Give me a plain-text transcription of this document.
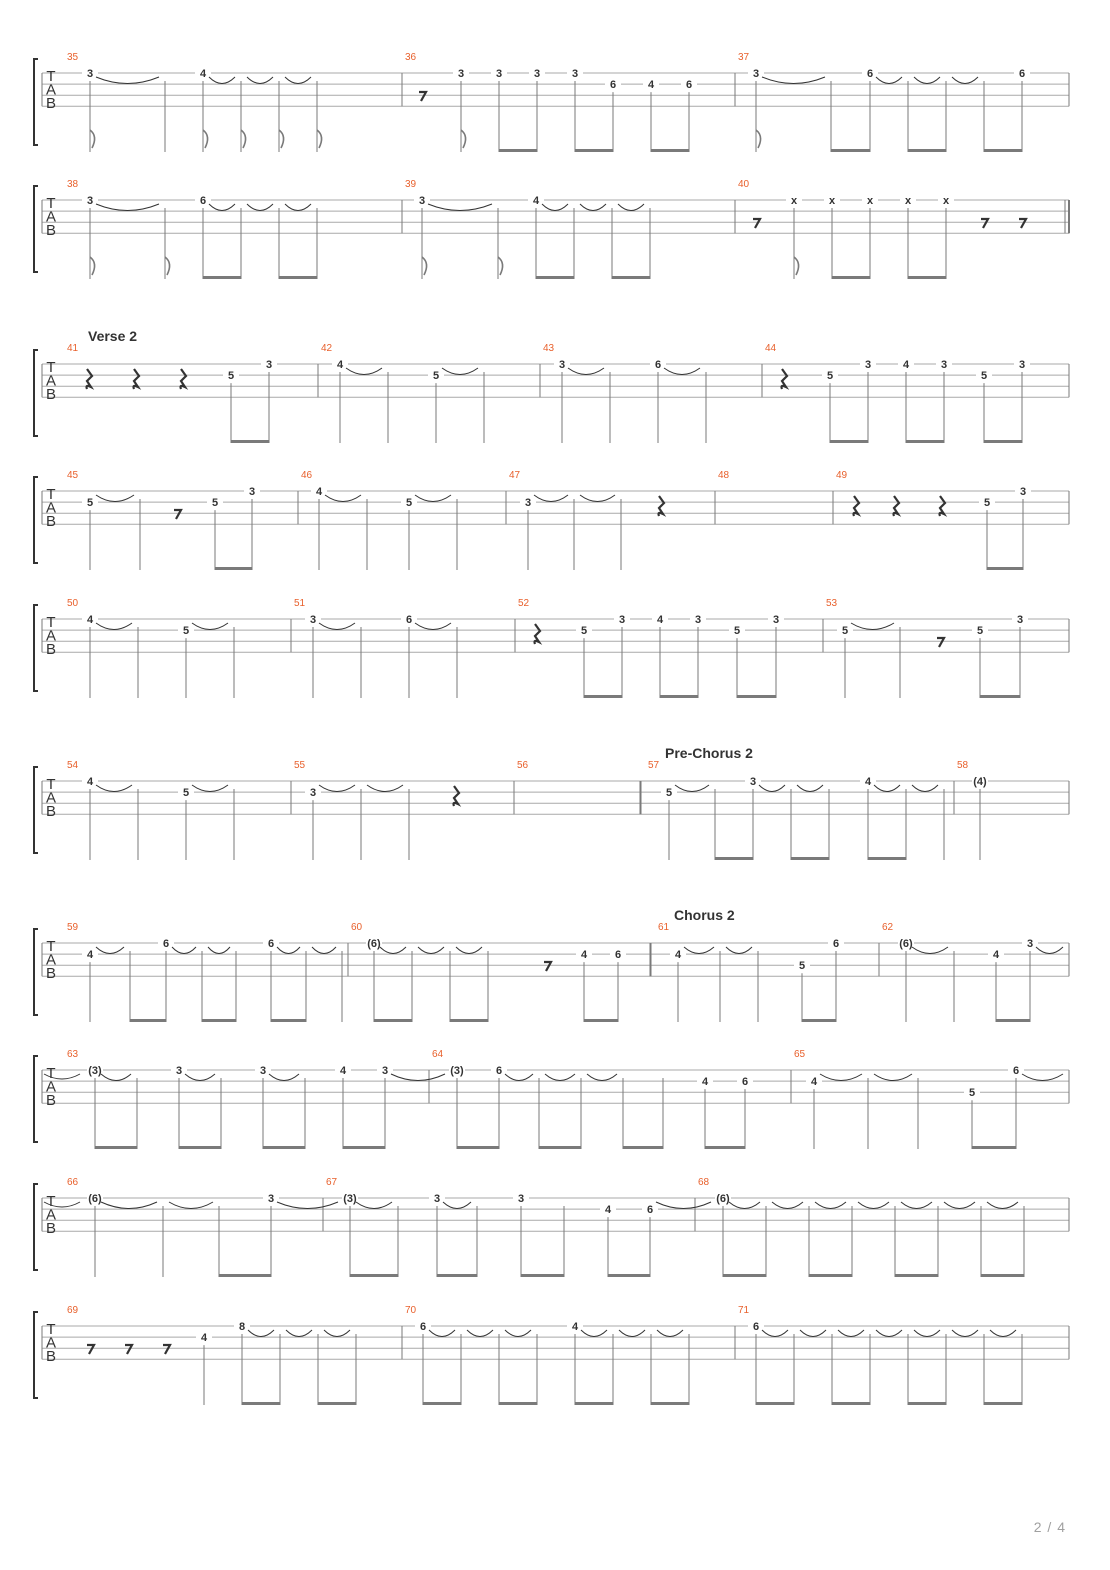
T
A
B
35
3	4
36
3	3	3	3
6	4	6
37
3	6	6
T
A
B
38
3	6
39
3	4
40
x	x	x	x	x
Verse 2
T
A
B
41
5
3
42
4
5
43
3	6
44
5
3	4	3
5
3
T
A
B
45
5	5
3
46
4
5
47
3
48	49
5
3
T
A
B
50
4
5
51
3	6
52
5
3	4	3
5
3
53
5	5
3
Pre-Chorus 2
T
A
B
54
4
5
55
3
56	57
5
3	4
58
(4)
Chorus 2
T
A
B
59
4
6	6
60
(6)
4	6
61
4
5
6
62
(6)
4
3
T
A
B
63
(3)	3	3	4	3
64
(3)	6
4	6
65
4
5
6
T
A
B
66
(6)	3
67
(3)	3	3
4	6
68
(6)
T
A
B
69
4
8
70
6	4
71
6
2 / 4
